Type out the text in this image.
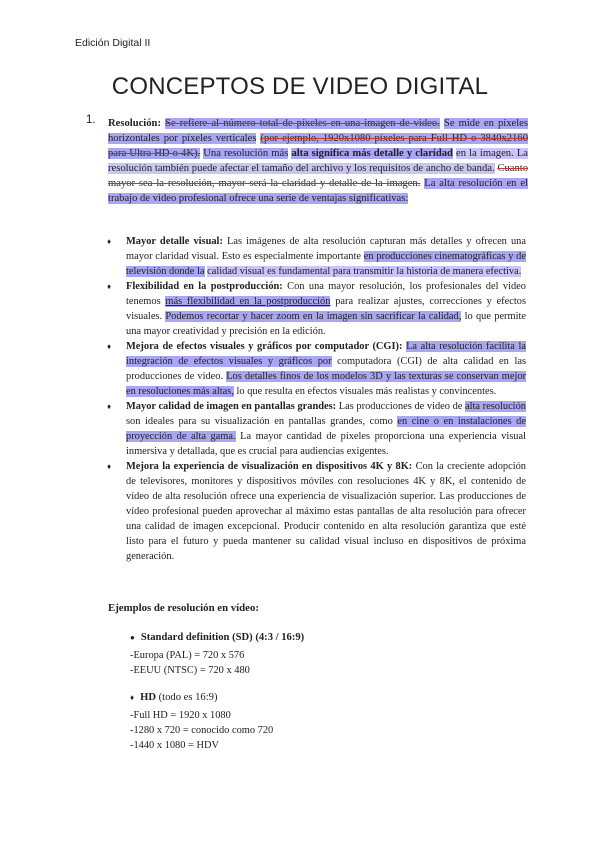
Edición Digital II
CONCEPTOS DE VIDEO DIGITAL
1. Resolución: Se refiere al número total de píxeles en una imagen de video. Se mide en píxeles horizontales por píxeles verticales (por ejemplo, 1920x1080 píxeles para Full HD o 3840x2160 para Ultra HD o 4K). Una resolución más alta significa más detalle y claridad en la imagen. La resolución también puede afectar el tamaño del archivo y los requisitos de ancho de banda. Cuanto mayor sea la resolución, mayor será la claridad y detalle de la imagen. La alta resolución en el trabajo de video profesional ofrece una serie de ventajas significativas:
♦ Mayor detalle visual: Las imágenes de alta resolución capturan más detalles y ofrecen una mayor claridad visual. Esto es especialmente importante en producciones cinematográficas y de televisión donde la calidad visual es fundamental para transmitir la historia de manera efectiva.
♦ Flexibilidad en la postproducción: Con una mayor resolución, los profesionales del video tenemos más flexibilidad en la postproducción para realizar ajustes, correcciones y efectos visuales. Podemos recortar y hacer zoom en la imagen sin sacrificar la calidad, lo que permite una mayor creatividad y precisión en la edición.
♦ Mejora de efectos visuales y gráficos por computador (CGI): La alta resolución facilita la integración de efectos visuales y gráficos por computadora (CGI) de alta calidad en las producciones de video. Los detalles finos de los modelos 3D y las texturas se conservan mejor en resoluciones más altas, lo que resulta en efectos visuales más realistas y convincentes.
♦ Mayor calidad de imagen en pantallas grandes: Las producciones de video de alta resolución son ideales para su visualización en pantallas grandes, como en cine o en instalaciones de proyección de alta gama. La mayor cantidad de píxeles proporciona una experiencia visual inmersiva y detallada, que es crucial para audiencias exigentes.
♦ Mejora la experiencia de visualización en dispositivos 4K y 8K: Con la creciente adopción de televisores, monitores y dispositivos móviles con resoluciones 4K y 8K, el contenido de vídeo de alta resolución ofrece una experiencia de visualización superior. Las producciones de vídeo profesional pueden aprovechar al máximo estas pantallas de alta resolución para ofrecer una calidad de imagen excepcional. Producir contenido en alta resolución garantiza que esté listo para el futuro y pueda mantener su calidad visual incluso en dispositivos de próxima generación.
Ejemplos de resolución en vídeo:
● Standard definition (SD) (4:3 / 16:9)
-Europa (PAL) = 720 x 576
-EEUU (NTSC) = 720 x 480
♦ HD (todo es 16:9)
-Full HD = 1920 x 1080
-1280 x 720 = conocido como 720
-1440 x 1080 = HDV
